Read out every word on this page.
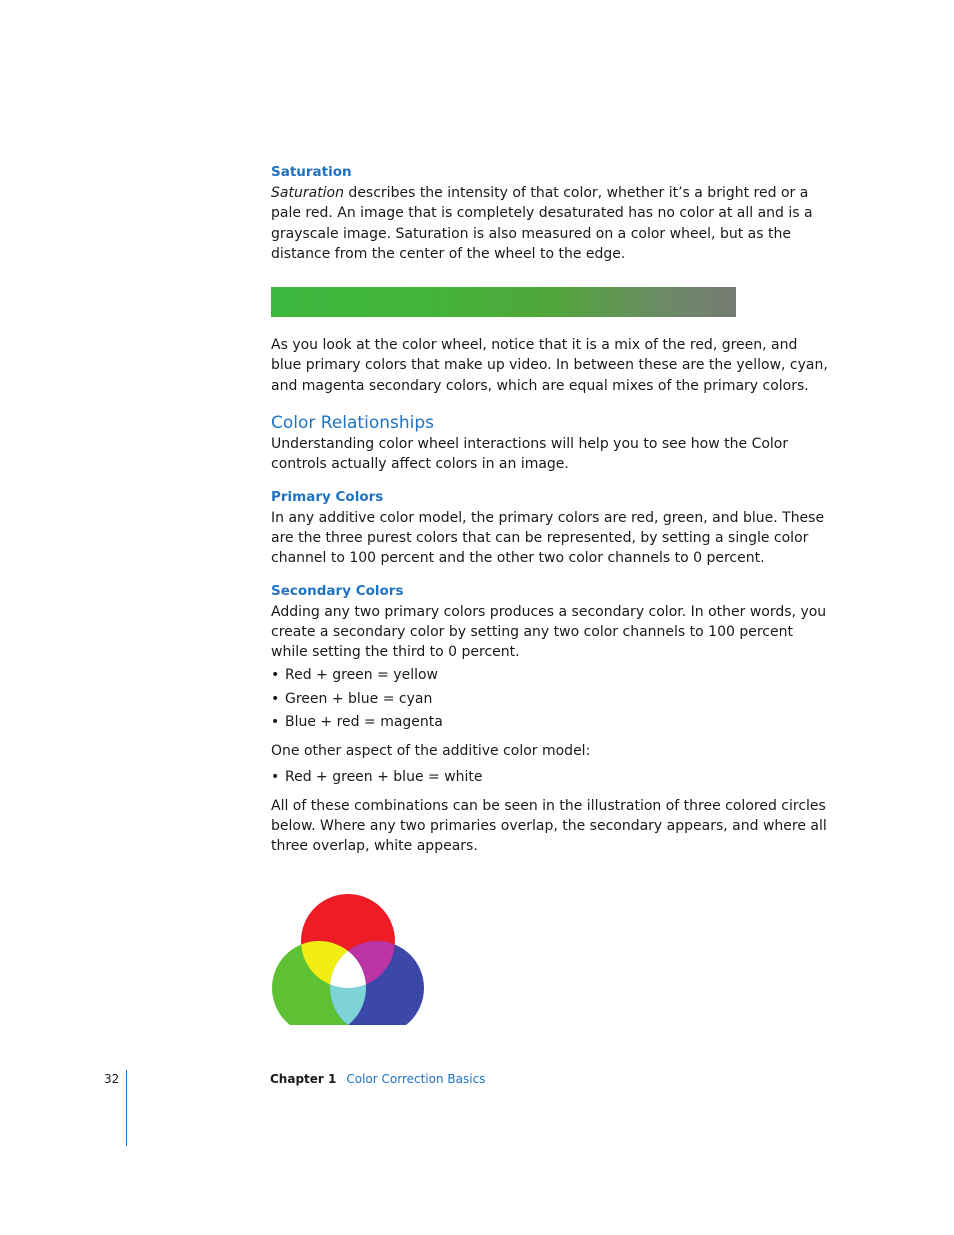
Saturation

Saturation describes the intensity of that color, whether it’s a bright red or a pale red. An image that is completely desaturated has no color at all and is a grayscale image. Saturation is also measured on a color wheel, but as the distance from the center of the wheel to the edge.

As you look at the color wheel, notice that it is a mix of the red, green, and blue primary colors that make up video. In between these are the yellow, cyan, and magenta secondary colors, which are equal mixes of the primary colors.

Color Relationships

Understanding color wheel interactions will help you to see how the Color controls actually affect colors in an image.

Primary Colors

In any additive color model, the primary colors are red, green, and blue. These are the three purest colors that can be represented, by setting a single color channel to 100 percent and the other two color channels to 0 percent.

Secondary Colors

Adding any two primary colors produces a secondary color. In other words, you create a secondary color by setting any two color channels to 100 percent while setting the third to 0 percent.

• Red + green = yellow
• Green + blue = cyan
• Blue + red = magenta

One other aspect of the additive color model:

• Red + green + blue = white

All of these combinations can be seen in the illustration of three colored circles below. Where any two primaries overlap, the secondary appears, and where all three overlap, white appears.

32	Chapter 1 Color Correction Basics
